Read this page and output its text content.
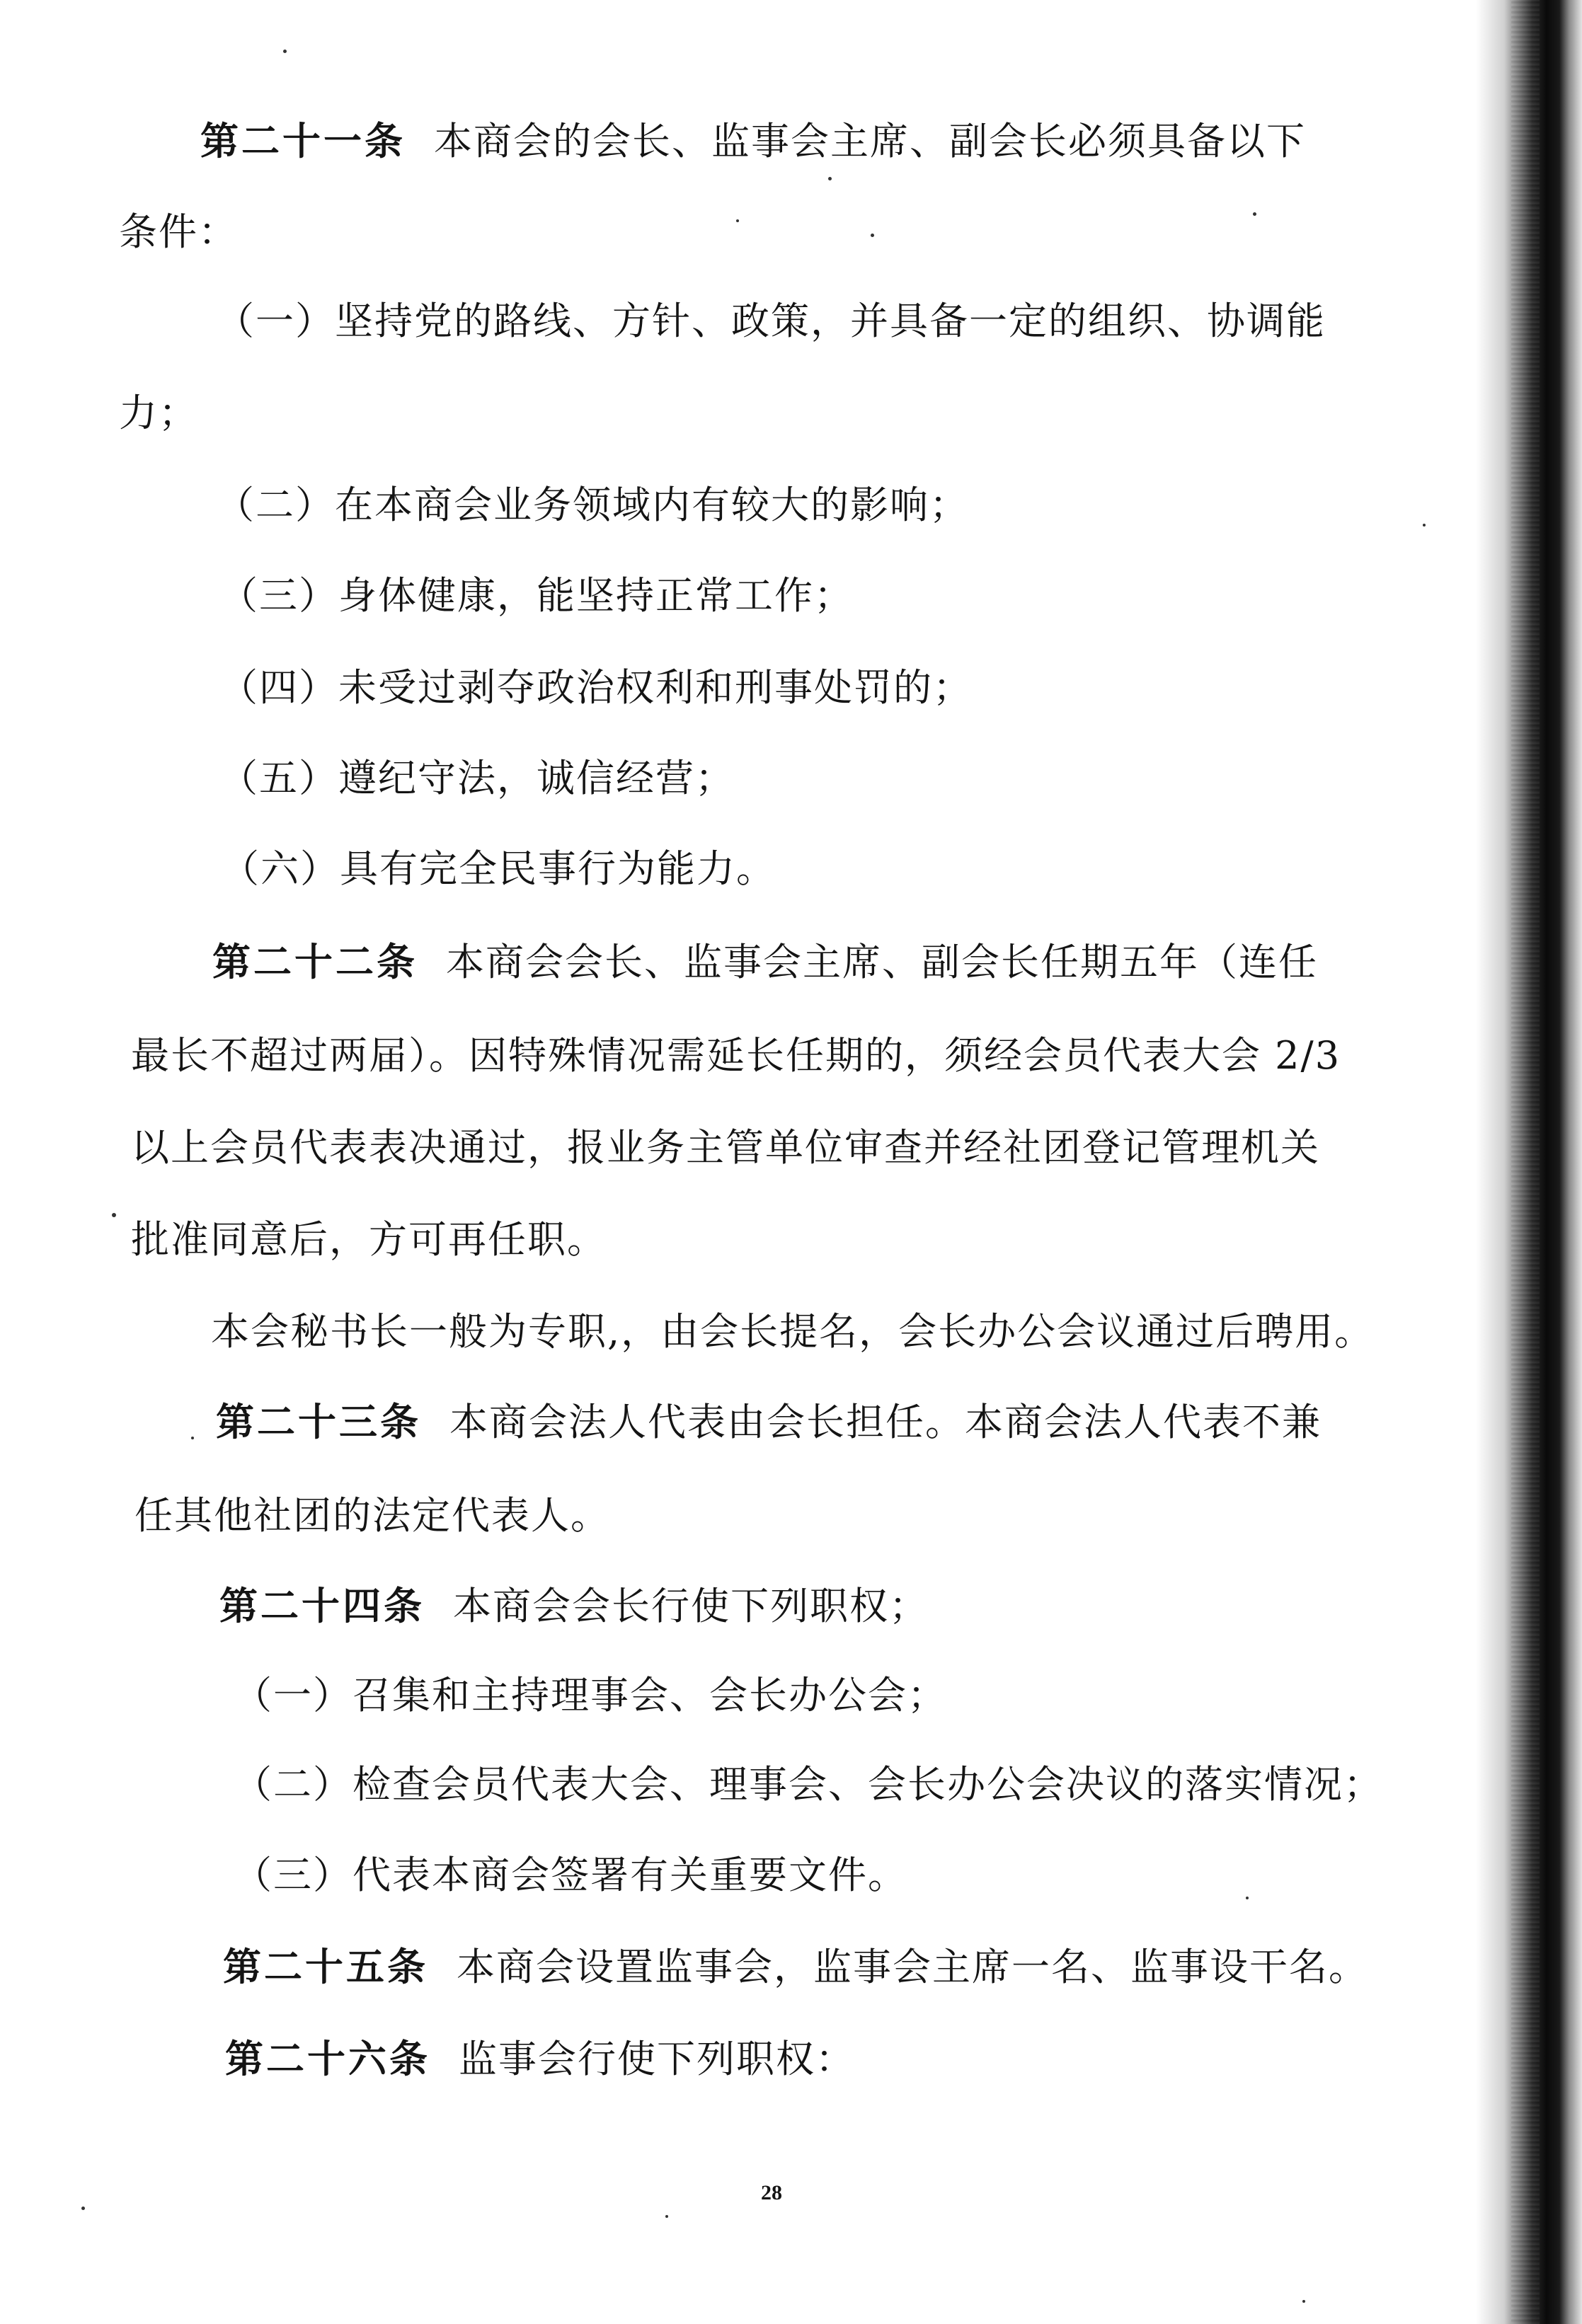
第二十一条 本商会的会长、监事会主席、副会长必须具备以下
条件：
（一）坚持党的路线、方针、政策，并具备一定的组织、协调能
力；
（二）在本商会业务领域内有较大的影响；
（三）身体健康，能坚持正常工作；
（四）未受过剥夺政治权利和刑事处罚的；
（五）遵纪守法，诚信经营；
（六）具有完全民事行为能力。
第二十二条 本商会会长、监事会主席、副会长任期五年（连任
最长不超过两届）。因特殊情况需延长任期的，须经会员代表大会 2/3
以上会员代表表决通过，报业务主管单位审查并经社团登记管理机关
批准同意后，方可再任职。
本会秘书长一般为专职,，由会长提名，会长办公会议通过后聘用。
第二十三条 本商会法人代表由会长担任。本商会法人代表不兼
任其他社团的法定代表人。
第二十四条 本商会会长行使下列职权；
（一）召集和主持理事会、会长办公会；
（二）检查会员代表大会、理事会、会长办公会决议的落实情况；
（三）代表本商会签署有关重要文件。
第二十五条 本商会设置监事会，监事会主席一名、监事设干名。
第二十六条 监事会行使下列职权：
28
